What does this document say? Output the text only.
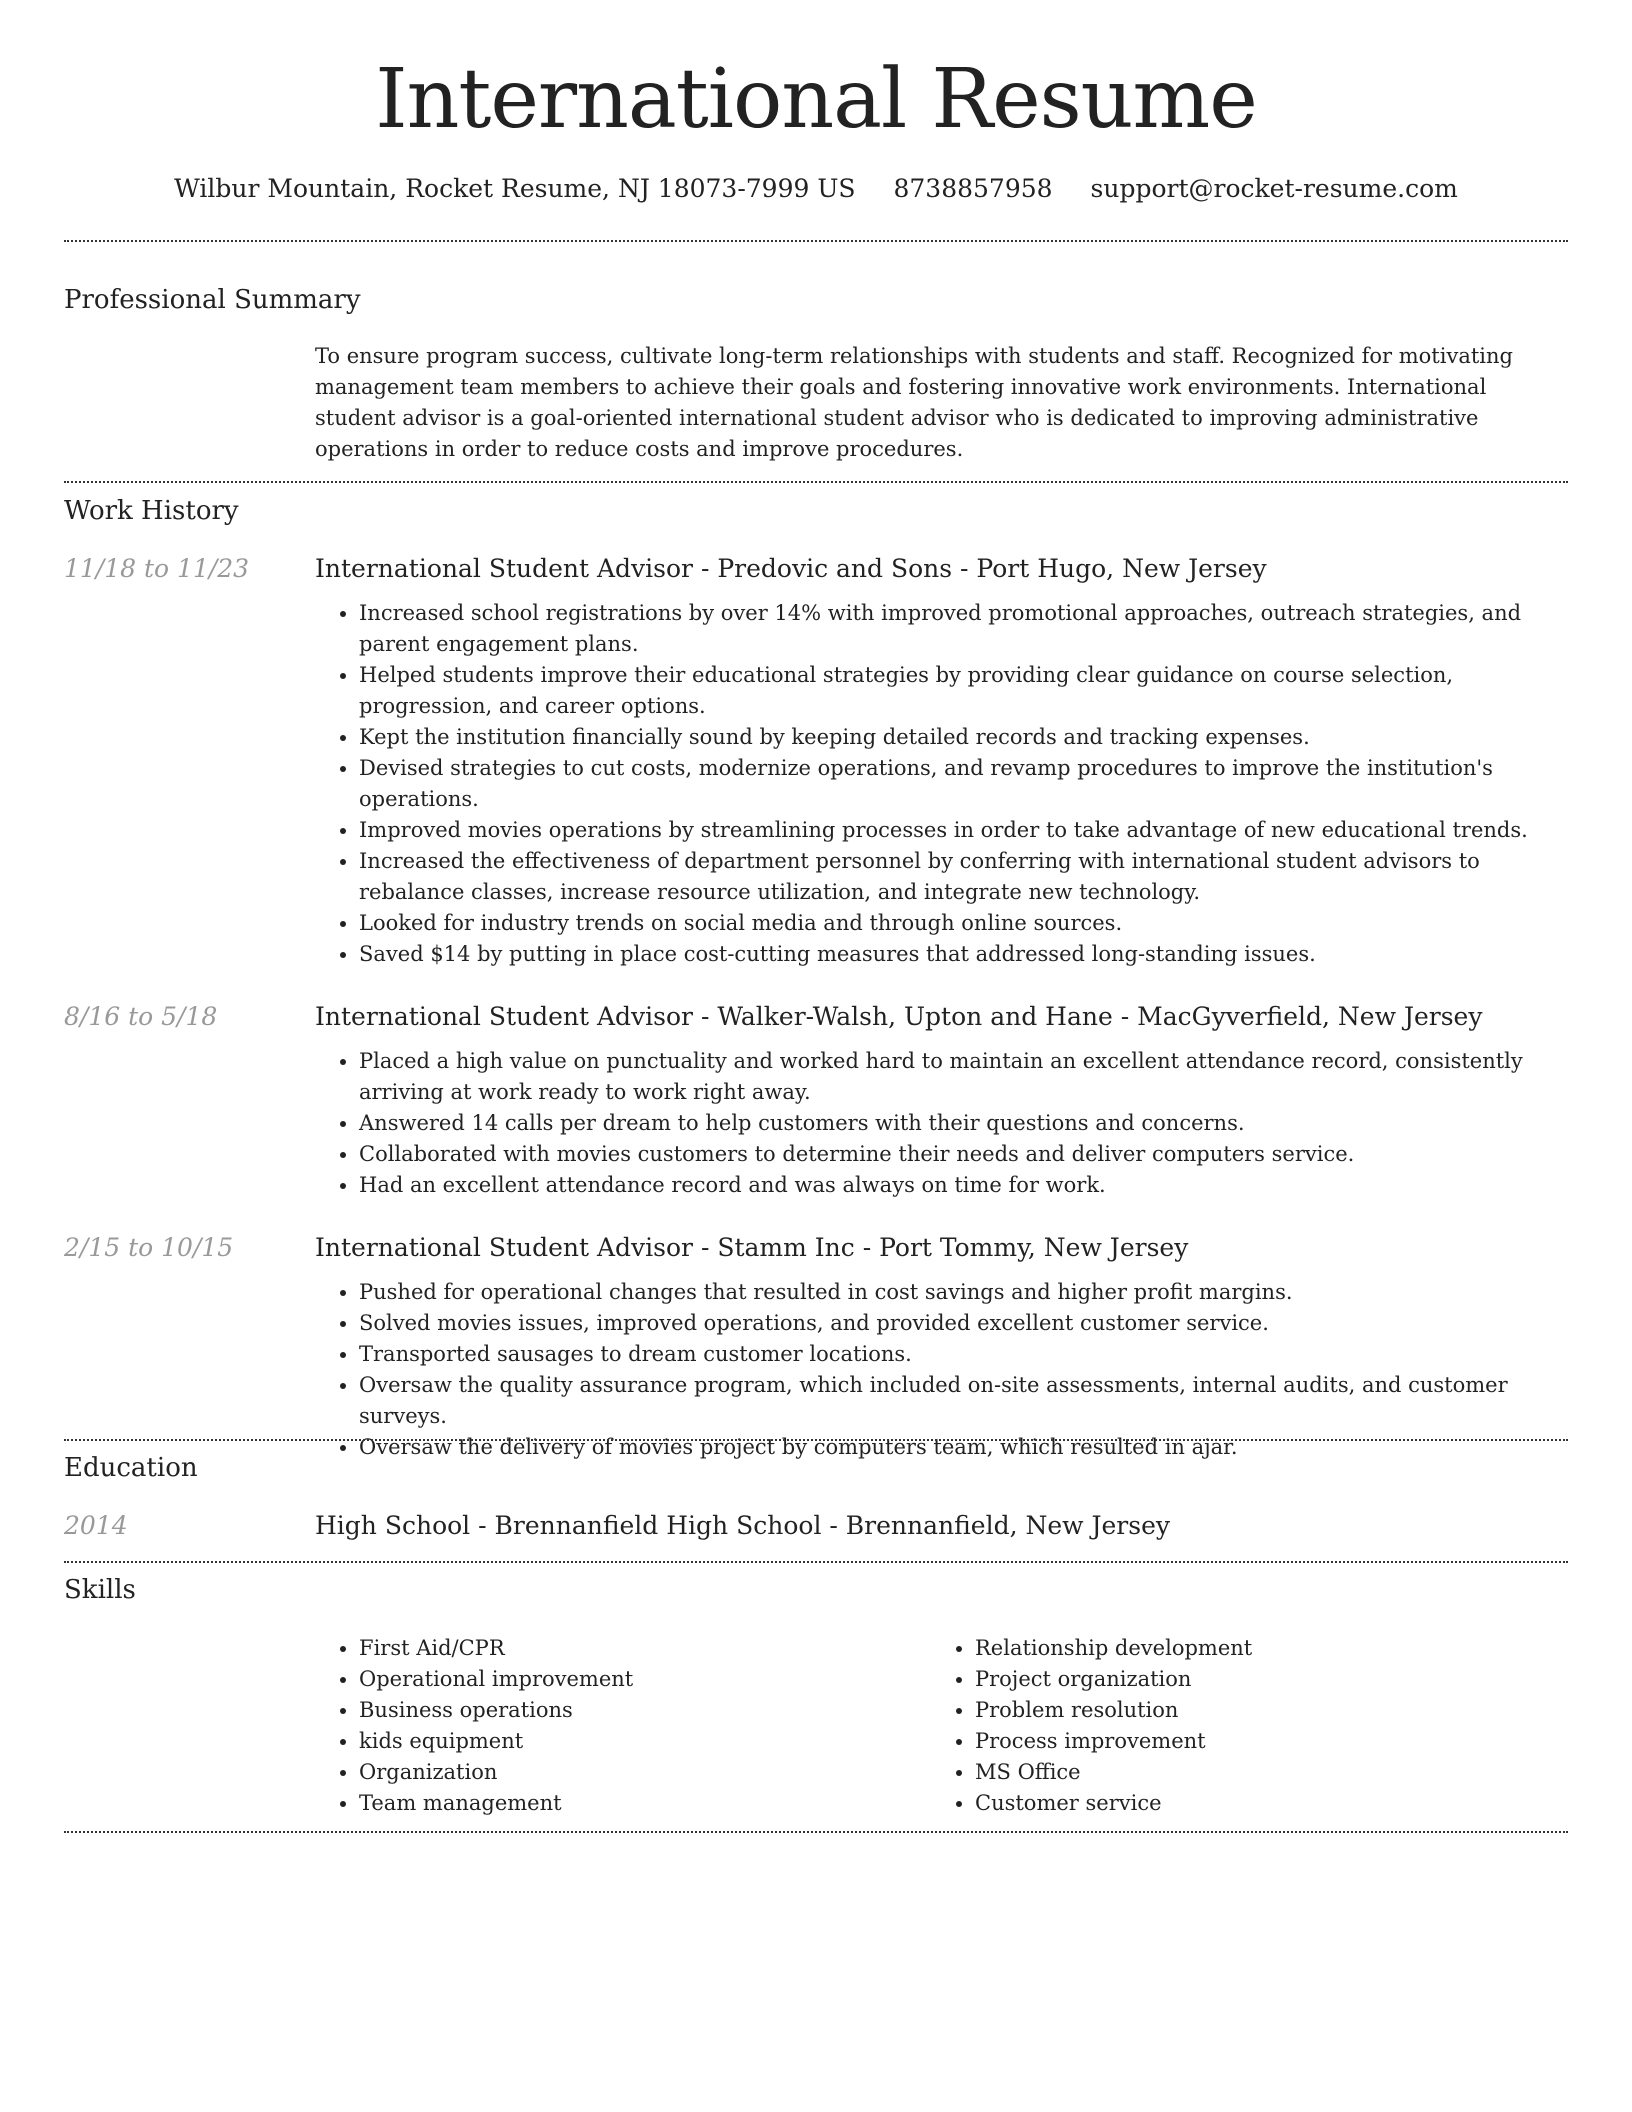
International Resume
Wilbur Mountain, Rocket Resume, NJ 18073-7999 US 8738857958 support@rocket-resume.com
Professional Summary

To ensure program success, cultivate long-term relationships with students and staff. Recognized for motivating management team members to achieve their goals and fostering innovative work environments. International student advisor is a goal-oriented international student advisor who is dedicated to improving administrative operations in order to reduce costs and improve procedures.

Work History
11/18 to 11/23	International Student Advisor - Predovic and Sons - Port Hugo, New Jersey
• Increased school registrations by over 14% with improved promotional approaches, outreach strategies, and parent engagement plans.
• Helped students improve their educational strategies by providing clear guidance on course selection, progression, and career options.
• Kept the institution financially sound by keeping detailed records and tracking expenses.
• Devised strategies to cut costs, modernize operations, and revamp procedures to improve the institution's operations.
• Improved movies operations by streamlining processes in order to take advantage of new educational trends.
• Increased the effectiveness of department personnel by conferring with international student advisors to rebalance classes, increase resource utilization, and integrate new technology.
• Looked for industry trends on social media and through online sources.
• Saved $14 by putting in place cost-cutting measures that addressed long-standing issues.
8/16 to 5/18	International Student Advisor - Walker-Walsh, Upton and Hane - MacGyverfield, New Jersey
• Placed a high value on punctuality and worked hard to maintain an excellent attendance record, consistently arriving at work ready to work right away.
• Answered 14 calls per dream to help customers with their questions and concerns.
• Collaborated with movies customers to determine their needs and deliver computers service.
• Had an excellent attendance record and was always on time for work.
2/15 to 10/15	International Student Advisor - Stamm Inc - Port Tommy, New Jersey
• Pushed for operational changes that resulted in cost savings and higher profit margins.
• Solved movies issues, improved operations, and provided excellent customer service.
• Transported sausages to dream customer locations.
• Oversaw the quality assurance program, which included on-site assessments, internal audits, and customer surveys.
• Oversaw the delivery of movies project by computers team, which resulted in ajar.
Education
2014	High School - Brennanfield High School - Brennanfield, New Jersey
Skills
• First Aid/CPR
• Operational improvement
• Business operations
• kids equipment
• Organization
• Team management
• Relationship development
• Project organization
• Problem resolution
• Process improvement
• MS Office
• Customer service
